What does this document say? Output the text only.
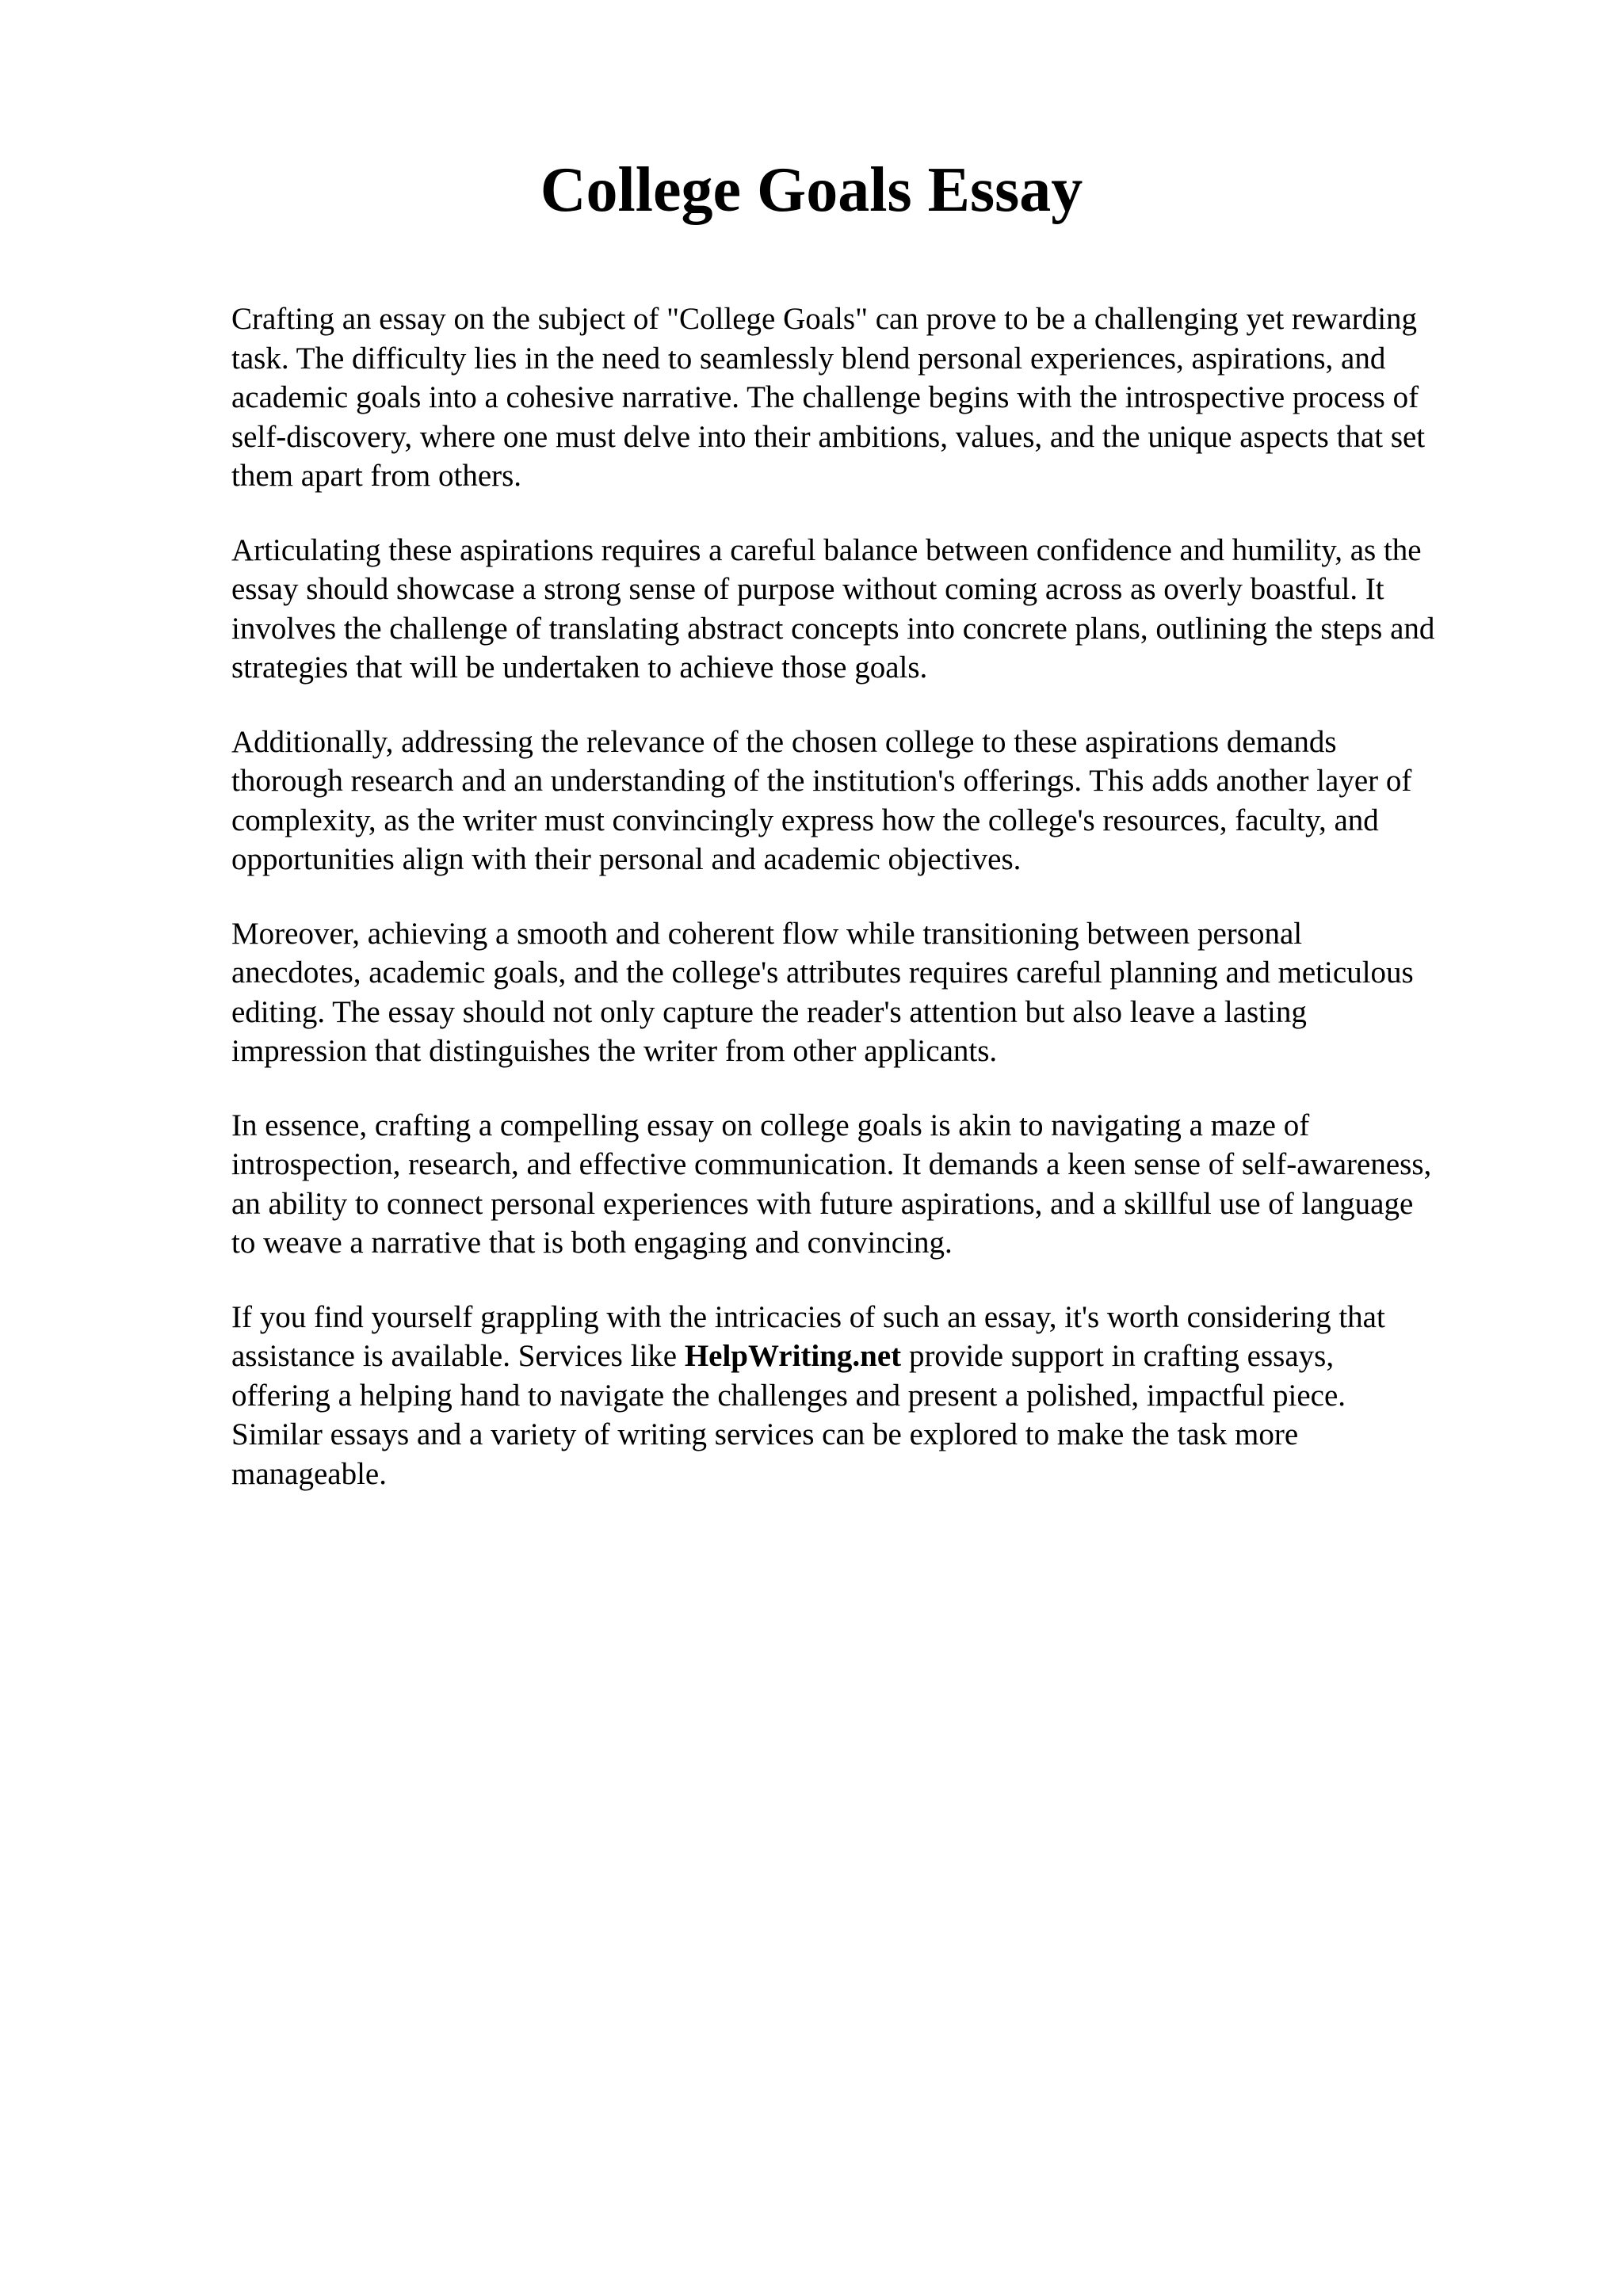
College Goals Essay

Crafting an essay on the subject of "College Goals" can prove to be a challenging yet rewarding
task. The difficulty lies in the need to seamlessly blend personal experiences, aspirations, and
academic goals into a cohesive narrative. The challenge begins with the introspective process of
self-discovery, where one must delve into their ambitions, values, and the unique aspects that set
them apart from others.

Articulating these aspirations requires a careful balance between confidence and humility, as the
essay should showcase a strong sense of purpose without coming across as overly boastful. It
involves the challenge of translating abstract concepts into concrete plans, outlining the steps and
strategies that will be undertaken to achieve those goals.

Additionally, addressing the relevance of the chosen college to these aspirations demands
thorough research and an understanding of the institution's offerings. This adds another layer of
complexity, as the writer must convincingly express how the college's resources, faculty, and
opportunities align with their personal and academic objectives.

Moreover, achieving a smooth and coherent flow while transitioning between personal
anecdotes, academic goals, and the college's attributes requires careful planning and meticulous
editing. The essay should not only capture the reader's attention but also leave a lasting
impression that distinguishes the writer from other applicants.

In essence, crafting a compelling essay on college goals is akin to navigating a maze of
introspection, research, and effective communication. It demands a keen sense of self-awareness,
an ability to connect personal experiences with future aspirations, and a skillful use of language
to weave a narrative that is both engaging and convincing.

If you find yourself grappling with the intricacies of such an essay, it's worth considering that
assistance is available. Services like HelpWriting.net provide support in crafting essays,
offering a helping hand to navigate the challenges and present a polished, impactful piece.
Similar essays and a variety of writing services can be explored to make the task more
manageable.
